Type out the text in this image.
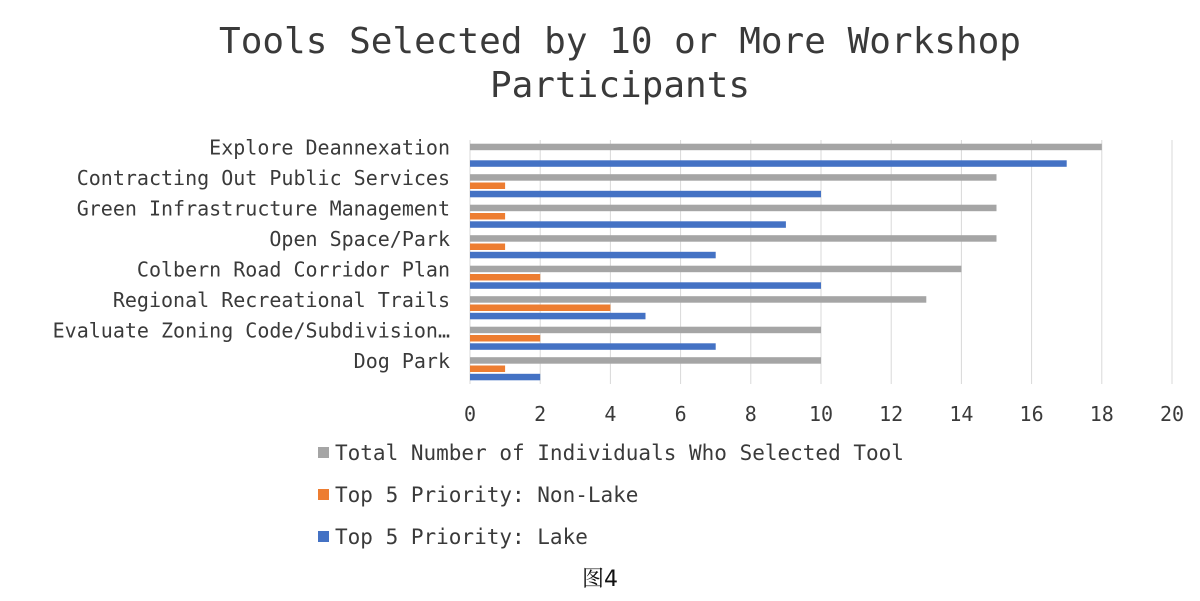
Tools Selected by 10 or More Workshop
Participants
Explore Deannexation
Contracting Out Public Services
Green Infrastructure Management
Open Space/Park
Colbern Road Corridor Plan
Regional Recreational Trails
Evaluate Zoning Code/Subdivision…
Dog Park
0	2	4	6	8	10 12 14 16 18 20
Total Number of Individuals Who Selected Tool
Top 5 Priority: Non-Lake
Top 5 Priority: Lake
图4
